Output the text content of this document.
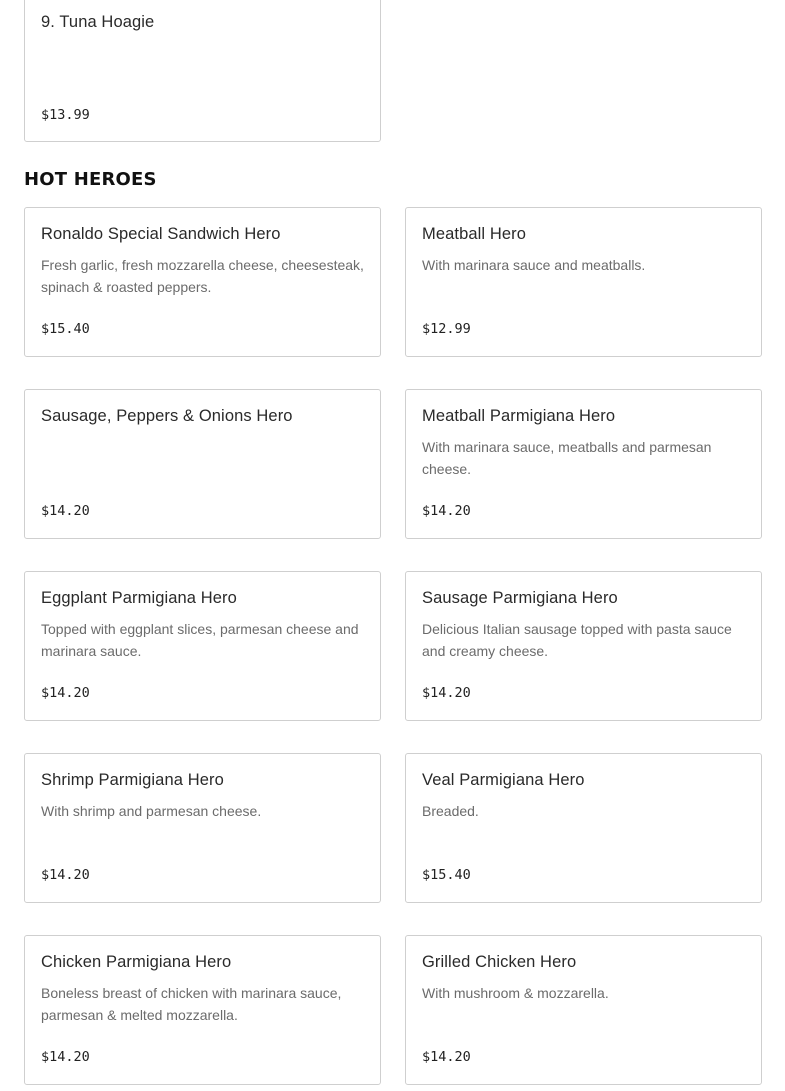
9. Tuna Hoagie
$13.99
HOT HEROES
Ronaldo Special Sandwich Hero
Fresh garlic, fresh mozzarella cheese, cheesesteak, spinach & roasted peppers.
$15.40
Meatball Hero
With marinara sauce and meatballs.
$12.99
Sausage, Peppers & Onions Hero
$14.20
Meatball Parmigiana Hero
With marinara sauce, meatballs and parmesan cheese.
$14.20
Eggplant Parmigiana Hero
Topped with eggplant slices, parmesan cheese and marinara sauce.
$14.20
Sausage Parmigiana Hero
Delicious Italian sausage topped with pasta sauce and creamy cheese.
$14.20
Shrimp Parmigiana Hero
With shrimp and parmesan cheese.
$14.20
Veal Parmigiana Hero
Breaded.
$15.40
Chicken Parmigiana Hero
Boneless breast of chicken with marinara sauce, parmesan & melted mozzarella.
$14.20
Grilled Chicken Hero
With mushroom & mozzarella.
$14.20
